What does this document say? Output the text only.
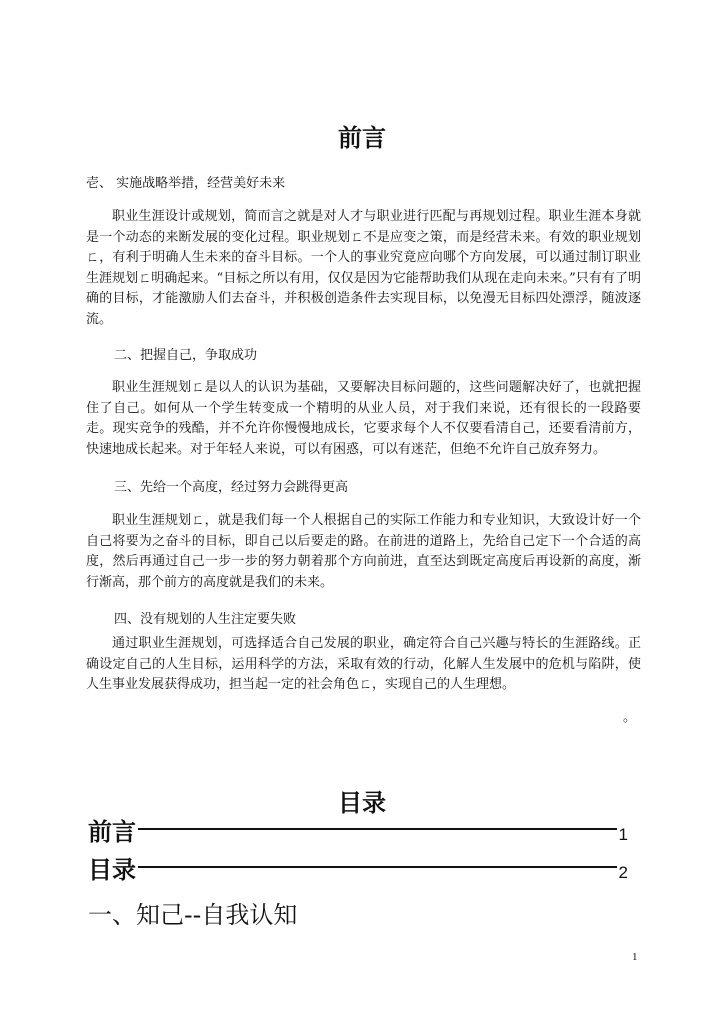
前言
壱、 实施战略举措，经营美好未来
职业生涯设计或规划，简而言之就是对人才与职业进行匹配与再规划过程。职业生涯本身就是一个动态的来断发展的变化过程。职业规划ㄈ不是应变之策，而是经营未来。有效的职业规划ㄈ，有利于明确人生未来的奋斗目标。一个人的事业究竟应向哪个方向发展，可以通过制订职业生涯规划ㄈ明确起来。“目标之所以有用，仅仅是因为它能帮助我们从现在走向未来。”只有有了明确的目标，才能激励人们去奋斗，并积极创造条件去实现目标，以免漫无目标四处漂浮，随波逐流。
二、把握自己，争取成功
职业生涯规划ㄈ是以人的认识为基础，又要解决目标问题的，这些问题解决好了，也就把握住了自己。如何从一个学生转变成一个精明的从业人员，对于我们来说，还有很长的一段路要走。现实竞争的残酷，并不允许你慢慢地成长，它要求每个人不仅要看清自己，还要看清前方，快速地成长起来。对于年轻人来说，可以有困惑，可以有迷茫，但绝不允许自己放弃努力。
三、先给一个高度，经过努力会跳得更高
职业生涯规划ㄈ，就是我们每一个人根据自己的实际工作能力和专业知识，大致设计好一个自己将要为之奋斗的目标，即自己以后要走的路。在前进的道路上，先给自己定下一个合适的高度，然后再通过自己一步一步的努力朝着那个方向前进，直至达到既定高度后再设新的高度，渐行渐高，那个前方的高度就是我们的未来。
四、没有规划的人生注定要失败
通过职业生涯规划，可选择适合自己发展的职业，确定符合自己兴趣与特长的生涯路线。正确设定自己的人生目标，运用科学的方法，采取有效的行动，化解人生发展中的危机与陷阱，使人生事业发展获得成功，担当起一定的社会角色ㄈ，实现自己的人生理想。
。
目录
前言	1
目录	2
一、知己--自我认知
1
